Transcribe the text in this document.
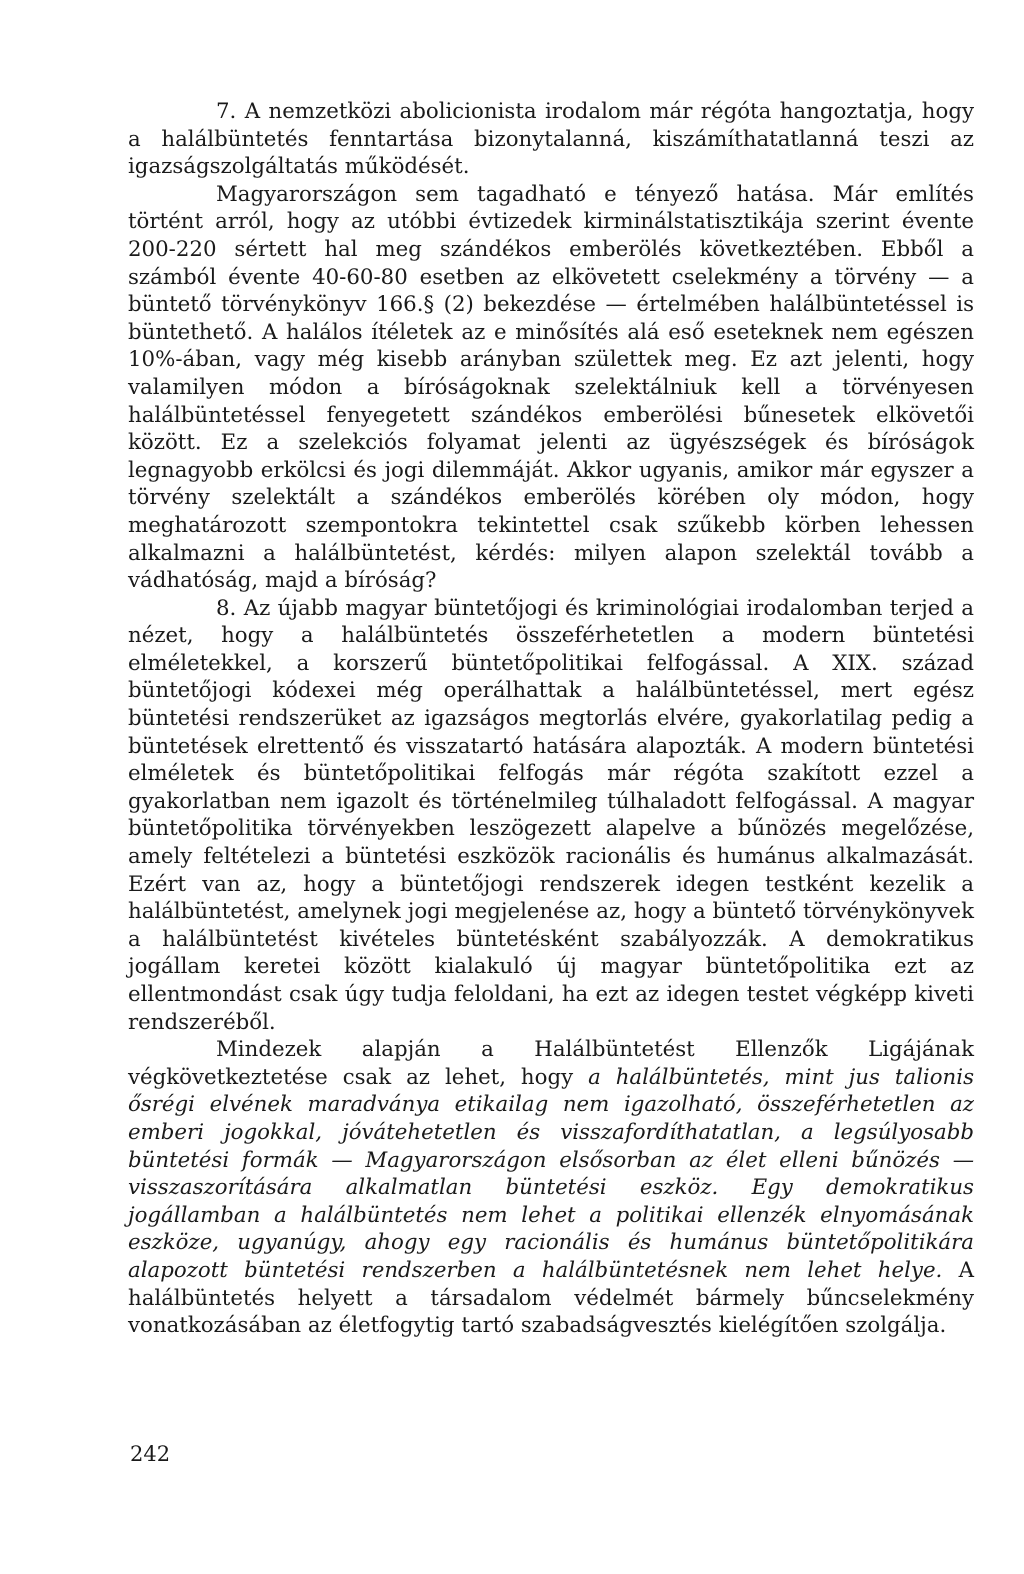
7. A nemzetközi abolicionista irodalom már régóta hangoztatja, hogy a halálbüntetés fenntartása bizonytalanná, kiszámíthatatlanná teszi az igazságszolgáltatás működését.

Magyarországon sem tagadható e tényező hatása. Már említés történt arról, hogy az utóbbi évtizedek kirminálstatisztikája szerint évente 200-220 sértett hal meg szándékos emberölés következtében. Ebből a számból évente 40-60-80 esetben az elkövetett cselekmény a törvény — a büntető törvénykönyv 166.§ (2) bekezdése — értelmében halálbüntetéssel is büntethető. A halálos ítéletek az e minősítés alá eső eseteknek nem egészen 10%-ában, vagy még kisebb arányban születtek meg. Ez azt jelenti, hogy valamilyen módon a bíróságoknak szelektálniuk kell a törvényesen halálbüntetéssel fenyegetett szándékos emberölési bűnesetek elkövetői között. Ez a szelekciós folyamat jelenti az ügyészségek és bíróságok legnagyobb erkölcsi és jogi dilemmáját. Akkor ugyanis, amikor már egyszer a törvény szelektált a szándékos emberölés körében oly módon, hogy meghatározott szempontokra tekintettel csak szűkebb körben lehessen alkalmazni a halálbüntetést, kérdés: milyen alapon szelektál tovább a vádhatóság, majd a bíróság?

8. Az újabb magyar büntetőjogi és kriminológiai irodalomban terjed a nézet, hogy a halálbüntetés összeférhetetlen a modern büntetési elméletekkel, a korszerű büntetőpolitikai felfogással. A XIX. század büntetőjogi kódexei még operálhattak a halálbüntetéssel, mert egész büntetési rendszerüket az igazságos megtorlás elvére, gyakorlatilag pedig a büntetések elrettentő és visszatartó hatására alapozták. A modern büntetési elméletek és büntetőpolitikai felfogás már régóta szakított ezzel a gyakorlatban nem igazolt és történelmileg túlhaladott felfogással. A magyar büntetőpolitika törvényekben leszögezett alapelve a bűnözés megelőzése, amely feltételezi a büntetési eszközök racionális és humánus alkalmazását. Ezért van az, hogy a büntetőjogi rendszerek idegen testként kezelik a halálbüntetést, amelynek jogi megjelenése az, hogy a büntető törvénykönyvek a halálbüntetést kivételes büntetésként szabályozzák. A demokratikus jogállam keretei között kialakuló új magyar büntetőpolitika ezt az ellentmondást csak úgy tudja feloldani, ha ezt az idegen testet végképp kiveti rendszeréből.

Mindezek alapján a Halálbüntetést Ellenzők Ligájának végkövetkeztetése csak az lehet, hogy a halálbüntetés, mint jus talionis ősrégi elvének maradványa etikailag nem igazolható, összeférhetetlen az emberi jogokkal, jóvátehetetlen és visszafordíthatatlan, a legsúlyosabb büntetési formák — Magyarországon elsősorban az élet elleni bűnözés — visszaszorítására alkalmatlan büntetési eszköz. Egy demokratikus jogállamban a halálbüntetés nem lehet a politikai ellenzék elnyomásának eszköze, ugyanúgy, ahogy egy racionális és humánus büntetőpolitikára alapozott büntetési rendszerben a halálbüntetésnek nem lehet helye. A halálbüntetés helyett a társadalom védelmét bármely bűncselekmény vonatkozásában az életfogytig tartó szabadságvesztés kielégítően szolgálja.

242
